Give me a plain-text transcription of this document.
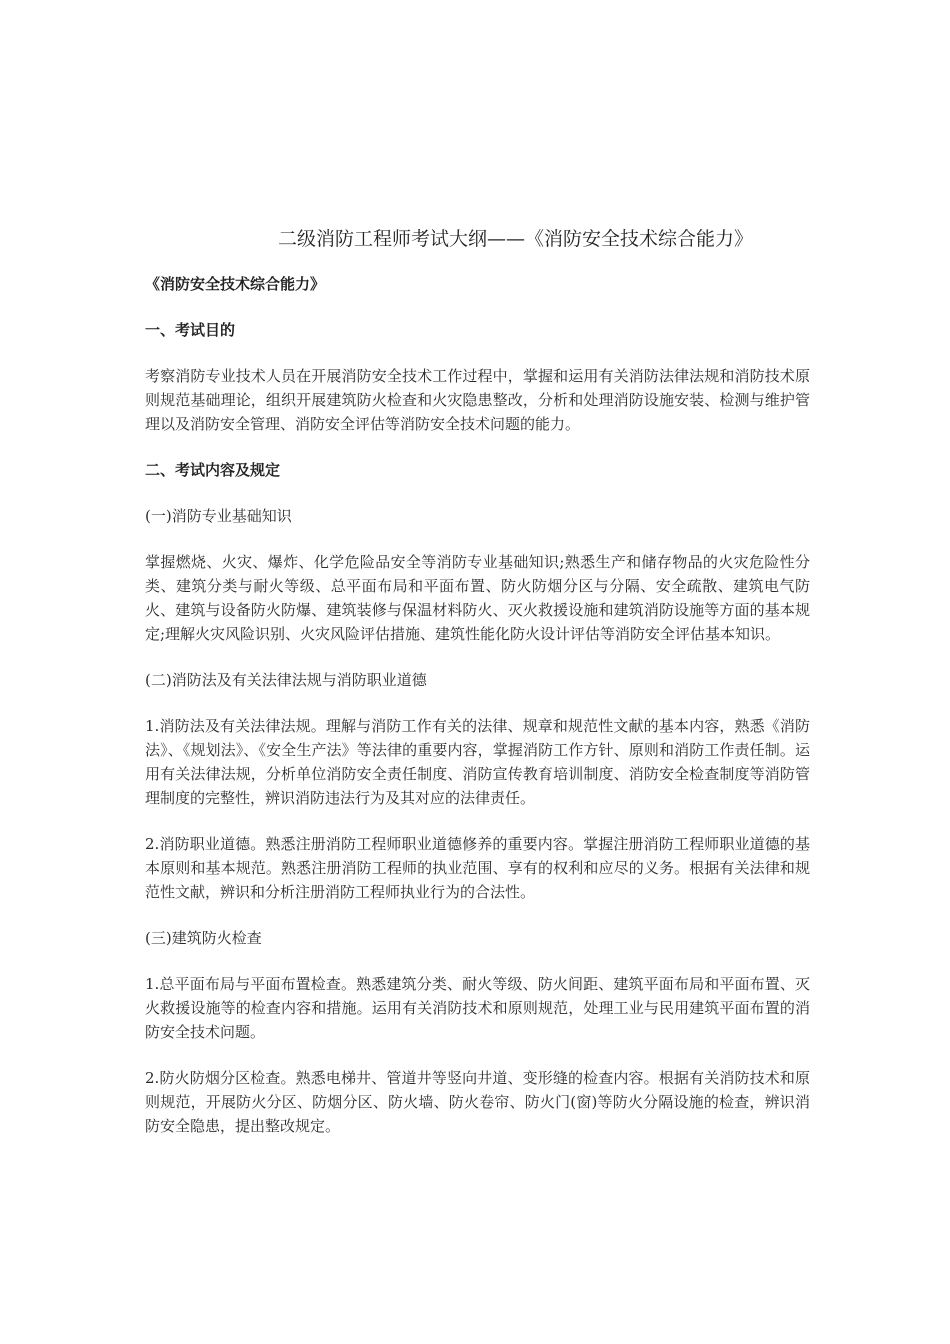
二级消防工程师考试大纲——《消防安全技术综合能力》
《消防安全技术综合能力》
一、考试目的
考察消防专业技术人员在开展消防安全技术工作过程中，掌握和运用有关消防法律法规和消防技术原则规范基础理论，组织开展建筑防火检查和火灾隐患整改，分析和处理消防设施安装、检测与维护管理以及消防安全管理、消防安全评估等消防安全技术问题的能力。
二、考试内容及规定
(一)消防专业基础知识
掌握燃烧、火灾、爆炸、化学危险品安全等消防专业基础知识;熟悉生产和储存物品的火灾危险性分类、建筑分类与耐火等级、总平面布局和平面布置、防火防烟分区与分隔、安全疏散、建筑电气防火、建筑与设备防火防爆、建筑装修与保温材料防火、灭火救援设施和建筑消防设施等方面的基本规定;理解火灾风险识别、火灾风险评估措施、建筑性能化防火设计评估等消防安全评估基本知识。
(二)消防法及有关法律法规与消防职业道德
1.消防法及有关法律法规。理解与消防工作有关的法律、规章和规范性文献的基本内容，熟悉《消防法》、《规划法》、《安全生产法》等法律的重要内容，掌握消防工作方针、原则和消防工作责任制。运用有关法律法规，分析单位消防安全责任制度、消防宣传教育培训制度、消防安全检查制度等消防管理制度的完整性，辨识消防违法行为及其对应的法律责任。
2.消防职业道德。熟悉注册消防工程师职业道德修养的重要内容。掌握注册消防工程师职业道德的基本原则和基本规范。熟悉注册消防工程师的执业范围、享有的权利和应尽的义务。根据有关法律和规范性文献，辨识和分析注册消防工程师执业行为的合法性。
(三)建筑防火检查
1.总平面布局与平面布置检查。熟悉建筑分类、耐火等级、防火间距、建筑平面布局和平面布置、灭火救援设施等的检查内容和措施。运用有关消防技术和原则规范，处理工业与民用建筑平面布置的消防安全技术问题。
2.防火防烟分区检查。熟悉电梯井、管道井等竖向井道、变形缝的检查内容。根据有关消防技术和原则规范，开展防火分区、防烟分区、防火墙、防火卷帘、防火门(窗)等防火分隔设施的检查，辨识消防安全隐患，提出整改规定。
